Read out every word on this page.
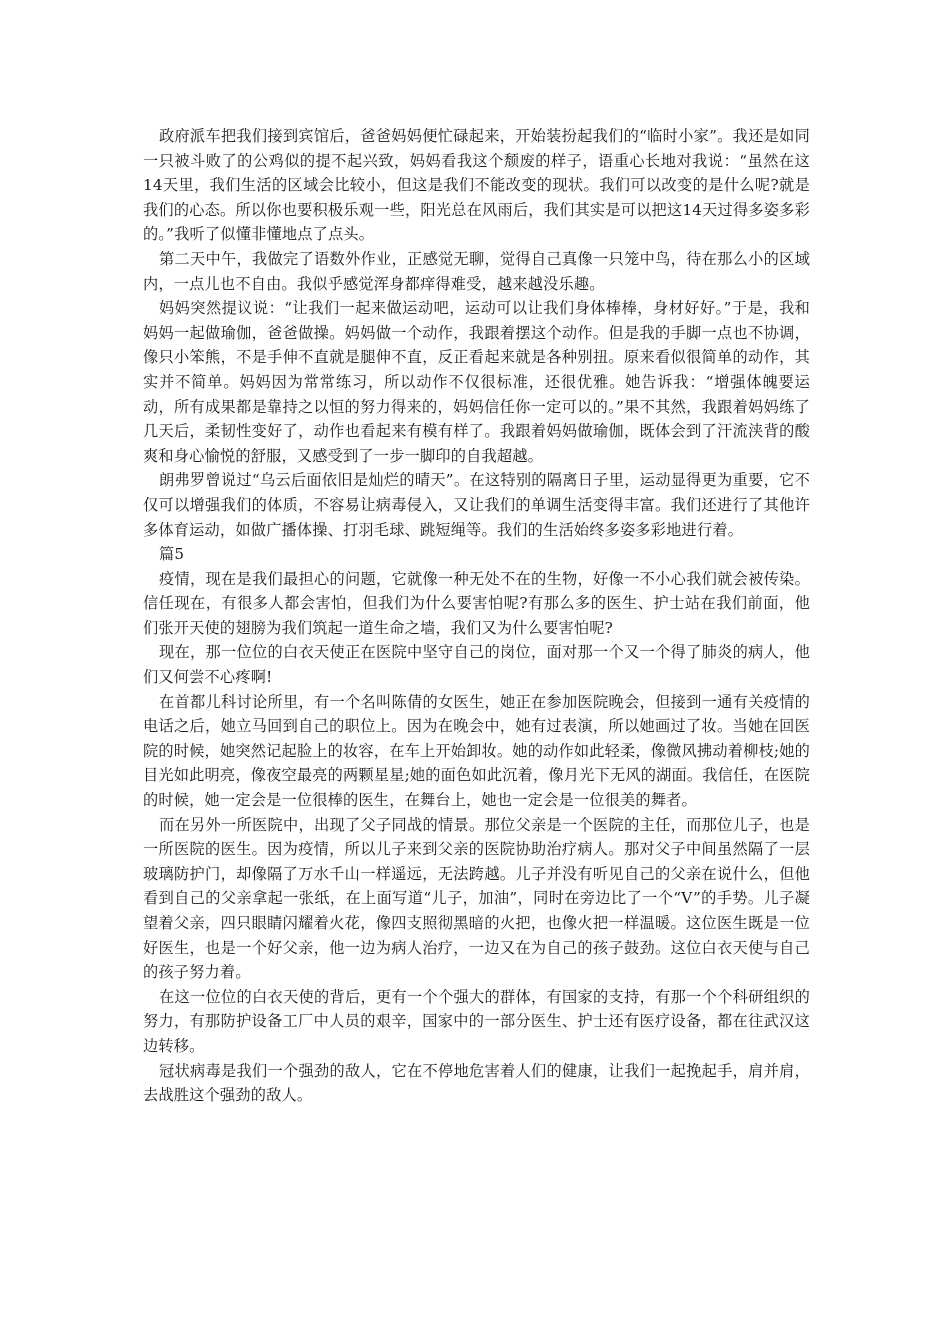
政府派车把我们接到宾馆后，爸爸妈妈便忙碌起来，开始装扮起我们的“临时小家”。我还是如同一只被斗败了的公鸡似的提不起兴致，妈妈看我这个颓废的样子，语重心长地对我说：“虽然在这14天里，我们生活的区域会比较小，但这是我们不能改变的现状。我们可以改变的是什么呢?就是我们的心态。所以你也要积极乐观一些，阳光总在风雨后，我们其实是可以把这14天过得多姿多彩的。”我听了似懂非懂地点了点头。

第二天中午，我做完了语数外作业，正感觉无聊，觉得自己真像一只笼中鸟，待在那么小的区域内，一点儿也不自由。我似乎感觉浑身都痒得难受，越来越没乐趣。

妈妈突然提议说：“让我们一起来做运动吧，运动可以让我们身体棒棒，身材好好。”于是，我和妈妈一起做瑜伽，爸爸做操。妈妈做一个动作，我跟着摆这个动作。但是我的手脚一点也不协调，像只小笨熊，不是手伸不直就是腿伸不直，反正看起来就是各种别扭。原来看似很简单的动作，其实并不简单。妈妈因为常常练习，所以动作不仅很标准，还很优雅。她告诉我：“增强体魄要运动，所有成果都是靠持之以恒的努力得来的，妈妈信任你一定可以的。”果不其然，我跟着妈妈练了几天后，柔韧性变好了，动作也看起来有模有样了。我跟着妈妈做瑜伽，既体会到了汗流浃背的酸爽和身心愉悦的舒服，又感受到了一步一脚印的自我超越。

朗弗罗曾说过“乌云后面依旧是灿烂的晴天”。在这特别的隔离日子里，运动显得更为重要，它不仅可以增强我们的体质，不容易让病毒侵入，又让我们的单调生活变得丰富。我们还进行了其他许多体育运动，如做广播体操、打羽毛球、跳短绳等。我们的生活始终多姿多彩地进行着。

篇5

疫情，现在是我们最担心的问题，它就像一种无处不在的生物，好像一不小心我们就会被传染。信任现在，有很多人都会害怕，但我们为什么要害怕呢?有那么多的医生、护士站在我们前面，他们张开天使的翅膀为我们筑起一道生命之墙，我们又为什么要害怕呢?

现在，那一位位的白衣天使正在医院中坚守自己的岗位，面对那一个又一个得了肺炎的病人，他们又何尝不心疼啊!

在首都儿科讨论所里，有一个名叫陈倩的女医生，她正在参加医院晚会，但接到一通有关疫情的电话之后，她立马回到自己的职位上。因为在晚会中，她有过表演，所以她画过了妆。当她在回医院的时候，她突然记起脸上的妆容，在车上开始卸妆。她的动作如此轻柔，像微风拂动着柳枝;她的目光如此明亮，像夜空最亮的两颗星星;她的面色如此沉着，像月光下无风的湖面。我信任，在医院的时候，她一定会是一位很棒的医生，在舞台上，她也一定会是一位很美的舞者。

而在另外一所医院中，出现了父子同战的情景。那位父亲是一个医院的主任，而那位儿子，也是一所医院的医生。因为疫情，所以儿子来到父亲的医院协助治疗病人。那对父子中间虽然隔了一层玻璃防护门，却像隔了万水千山一样遥远，无法跨越。儿子并没有听见自己的父亲在说什么，但他看到自己的父亲拿起一张纸，在上面写道“儿子，加油”，同时在旁边比了一个“V”的手势。儿子凝望着父亲，四只眼睛闪耀着火花，像四支照彻黑暗的火把，也像火把一样温暖。这位医生既是一位好医生，也是一个好父亲，他一边为病人治疗，一边又在为自己的孩子鼓劲。这位白衣天使与自己的孩子努力着。

在这一位位的白衣天使的背后，更有一个个强大的群体，有国家的支持，有那一个个科研组织的努力，有那防护设备工厂中人员的艰辛，国家中的一部分医生、护士还有医疗设备，都在往武汉这边转移。

冠状病毒是我们一个强劲的敌人，它在不停地危害着人们的健康，让我们一起挽起手，肩并肩，去战胜这个强劲的敌人。
